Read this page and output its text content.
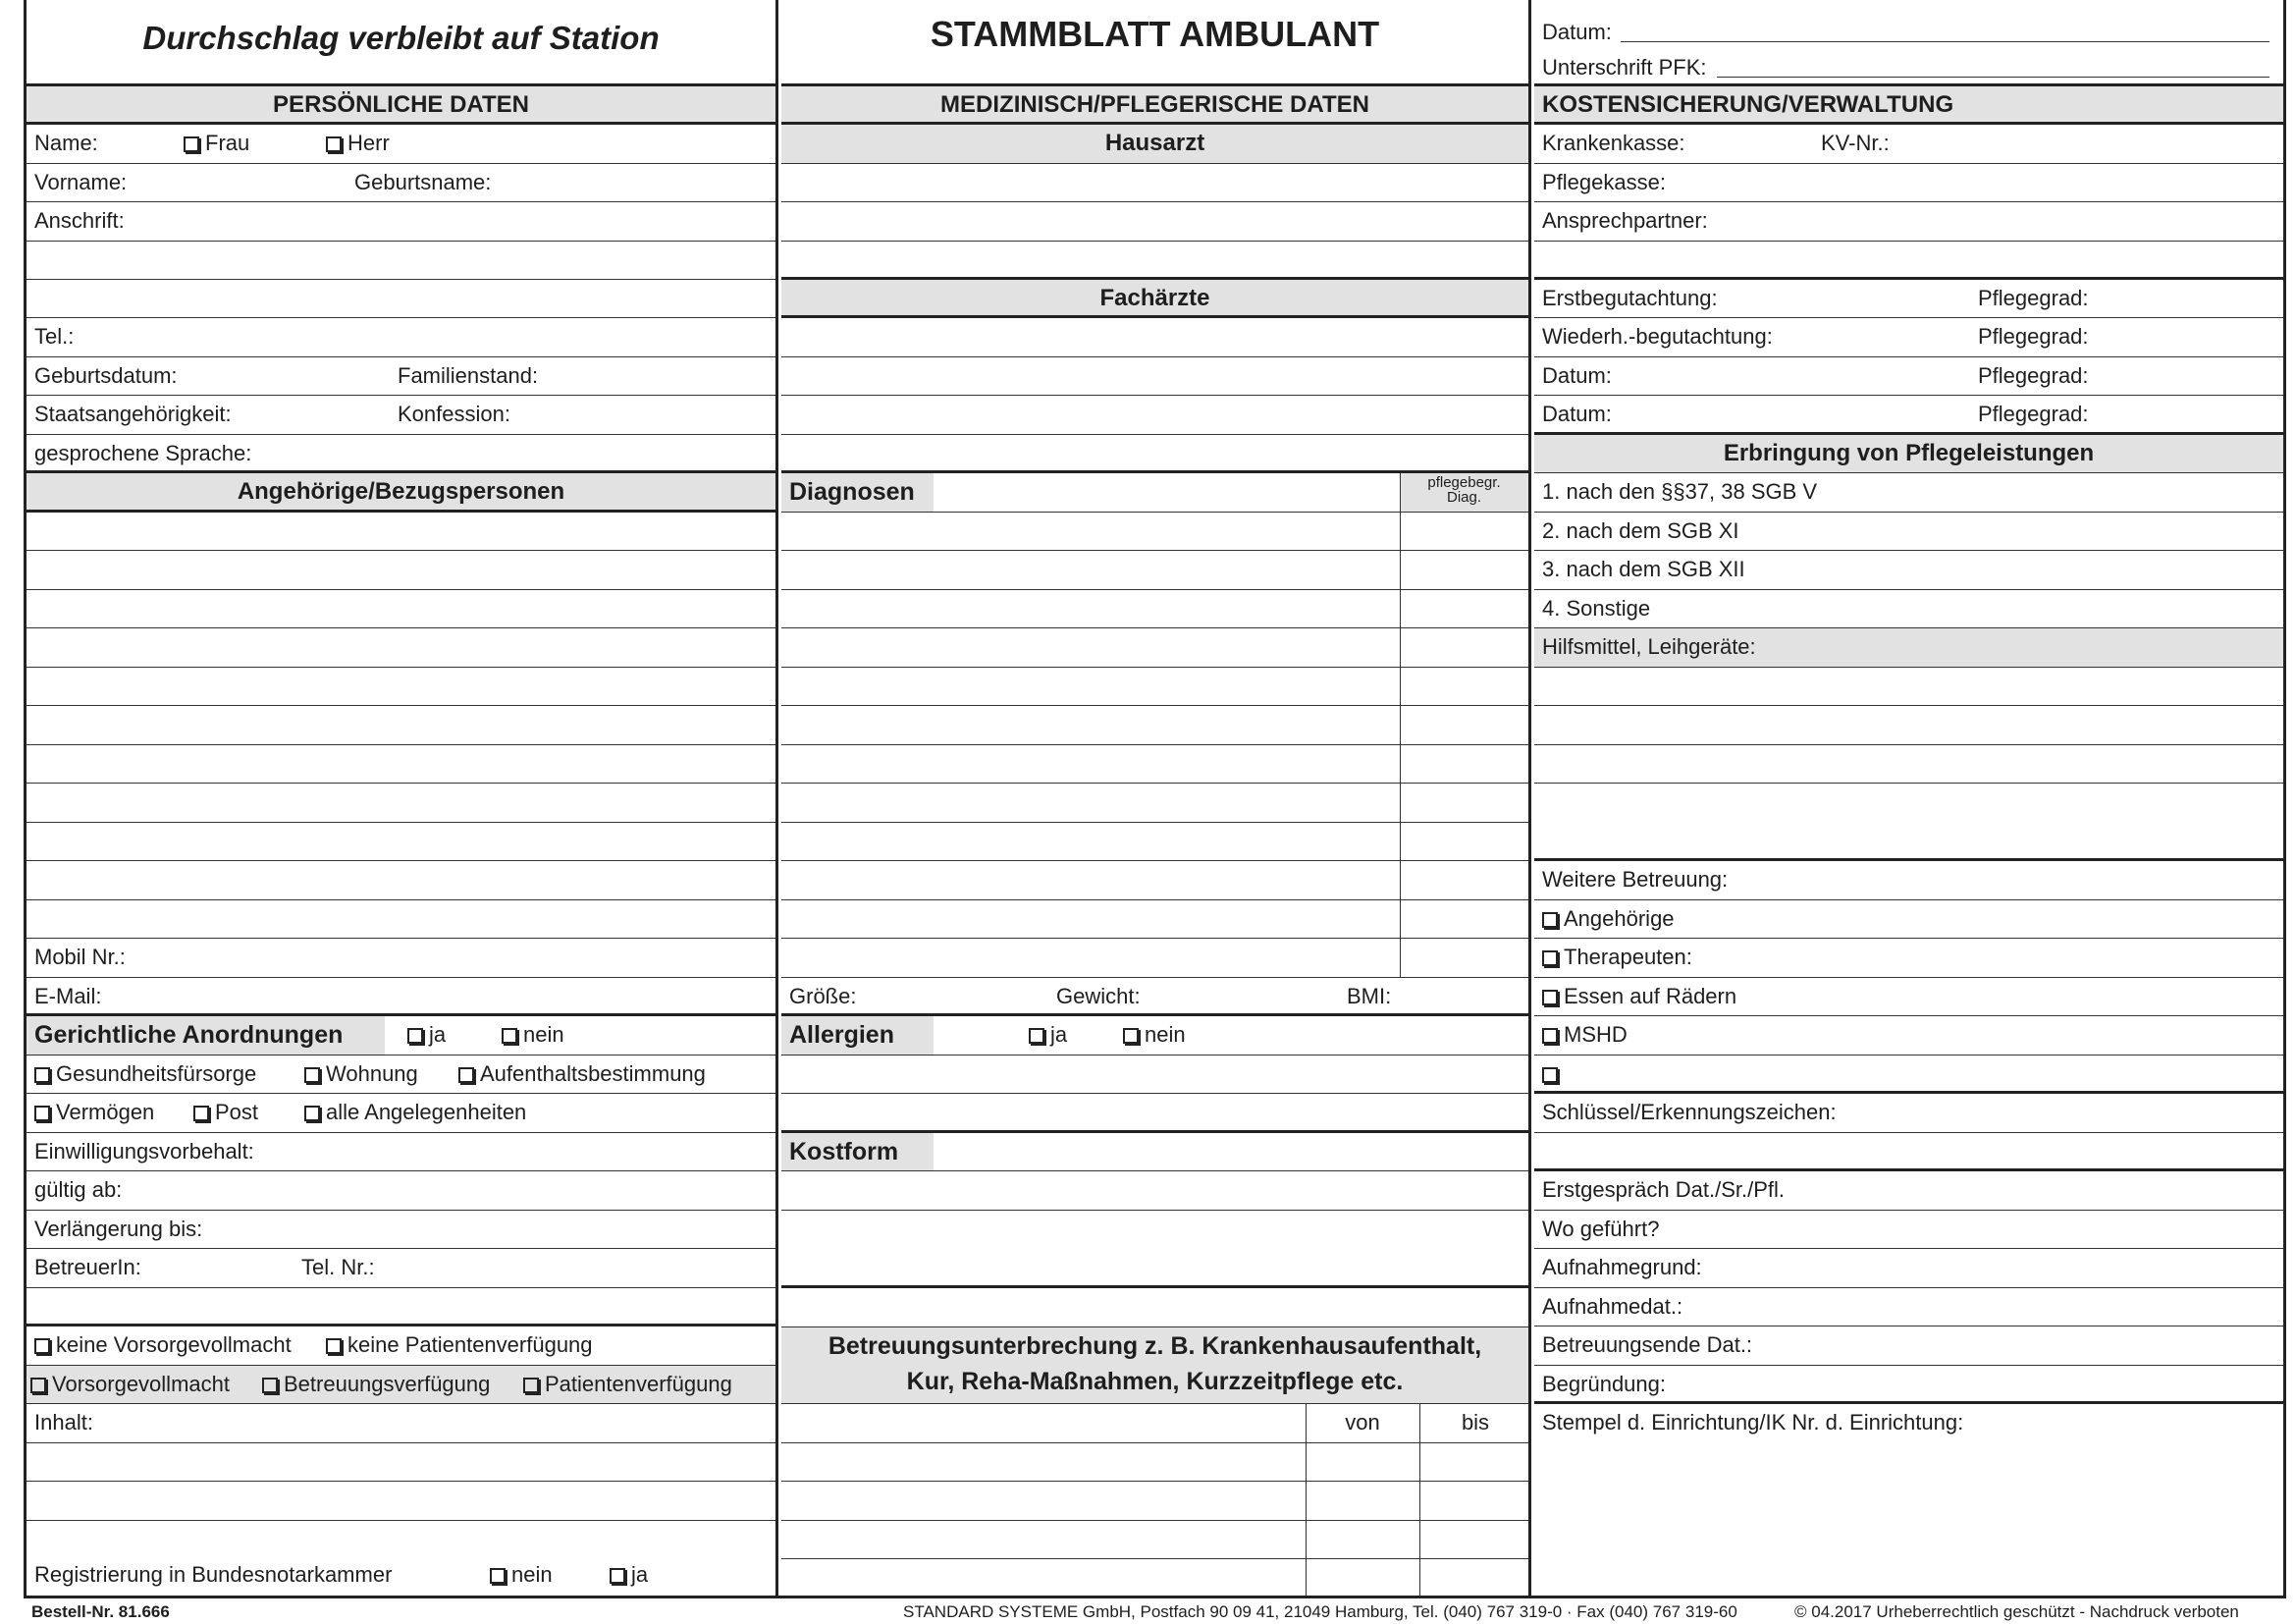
Durchschlag verbleibt auf Station
PERSÖNLICHE DATEN
Name:	Frau	Herr
Vorname:	Geburtsname:
Anschrift:
Tel.:
Geburtsdatum:	Familienstand:
Staatsangehörigkeit:	Konfession:
gesprochene Sprache:
Angehörige/Bezugspersonen
Mobil Nr.:
E-Mail:
Gerichtliche Anordnungen	ja	nein
Gesundheitsfürsorge	Wohnung	Aufenthaltsbestimmung
Vermögen	Post	alle Angelegenheiten
Einwilligungsvorbehalt:
gültig ab:
Verlängerung bis:
BetreuerIn:	Tel. Nr.:
keine Vorsorgevollmacht	keine Patientenverfügung
Vorsorgevollmacht	Betreuungsverfügung	Patientenverfügung
Inhalt:
Registrierung in Bundesnotarkammer	nein	ja
STAMMBLATT AMBULANT
MEDIZINISCH/PFLEGERISCHE DATEN
Hausarzt
Fachärzte
Diagnosen	pflegebegr.
Diag.
Größe:	Gewicht:	BMI:
Allergien	ja	nein
Kostform
Betreuungsunterbrechung z. B. Krankenhausaufenthalt,
Kur, Reha-Maßnahmen, Kurzzeitpflege etc.
von	bis
Datum:
Unterschrift PFK:
KOSTENSICHERUNG/VERWALTUNG
Krankenkasse:	KV-Nr.:
Pflegekasse:
Ansprechpartner:
Erstbegutachtung:	Pflegegrad:
Wiederh.-begutachtung:	Pflegegrad:
Datum:	Pflegegrad:
Datum:	Pflegegrad:
Erbringung von Pflegeleistungen
1. nach den §§37, 38 SGB V
2. nach dem SGB XI
3. nach dem SGB XII
4. Sonstige
Hilfsmittel, Leihgeräte:
Weitere Betreuung:
Angehörige
Therapeuten:
Essen auf Rädern
MSHD
Schlüssel/Erkennungszeichen:
Erstgespräch Dat./Sr./Pfl.
Wo geführt?
Aufnahmegrund:
Aufnahmedat.:
Betreuungsende Dat.:
Begründung:
Stempel d. Einrichtung/IK Nr. d. Einrichtung:
Bestell-Nr. 81.666	STANDARD SYSTEME GmbH, Postfach 90 09 41, 21049 Hamburg, Tel. (040) 767 319-0 · Fax (040) 767 319-60	© 04.2017 Urheberrechtlich geschützt - Nachdruck verboten
